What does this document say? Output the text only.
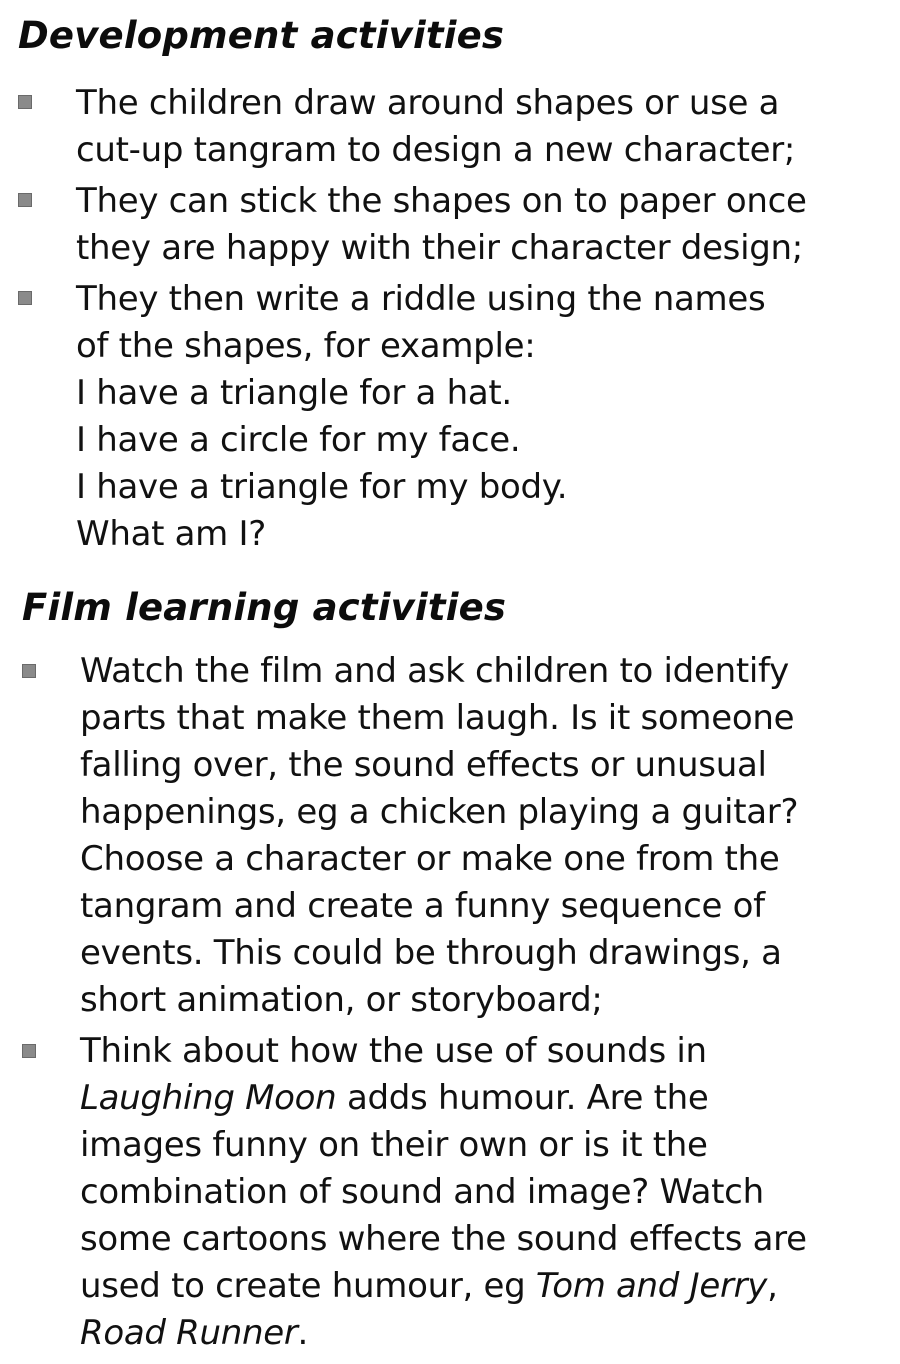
Development activities
The children draw around shapes or use a
cut-up tangram to design a new character;
They can stick the shapes on to paper once
they are happy with their character design;
They then write a riddle using the names
of the shapes, for example:
I have a triangle for a hat.
I have a circle for my face.
I have a triangle for my body.
What am I?
Film learning activities
Watch the film and ask children to identify
parts that make them laugh. Is it someone
falling over, the sound effects or unusual
happenings, eg a chicken playing a guitar?
Choose a character or make one from the
tangram and create a funny sequence of
events. This could be through drawings, a
short animation, or storyboard;
Think about how the use of sounds in
Laughing Moon adds humour. Are the
images funny on their own or is it the
combination of sound and image? Watch
some cartoons where the sound effects are
used to create humour, eg Tom and Jerry,
Road Runner.
